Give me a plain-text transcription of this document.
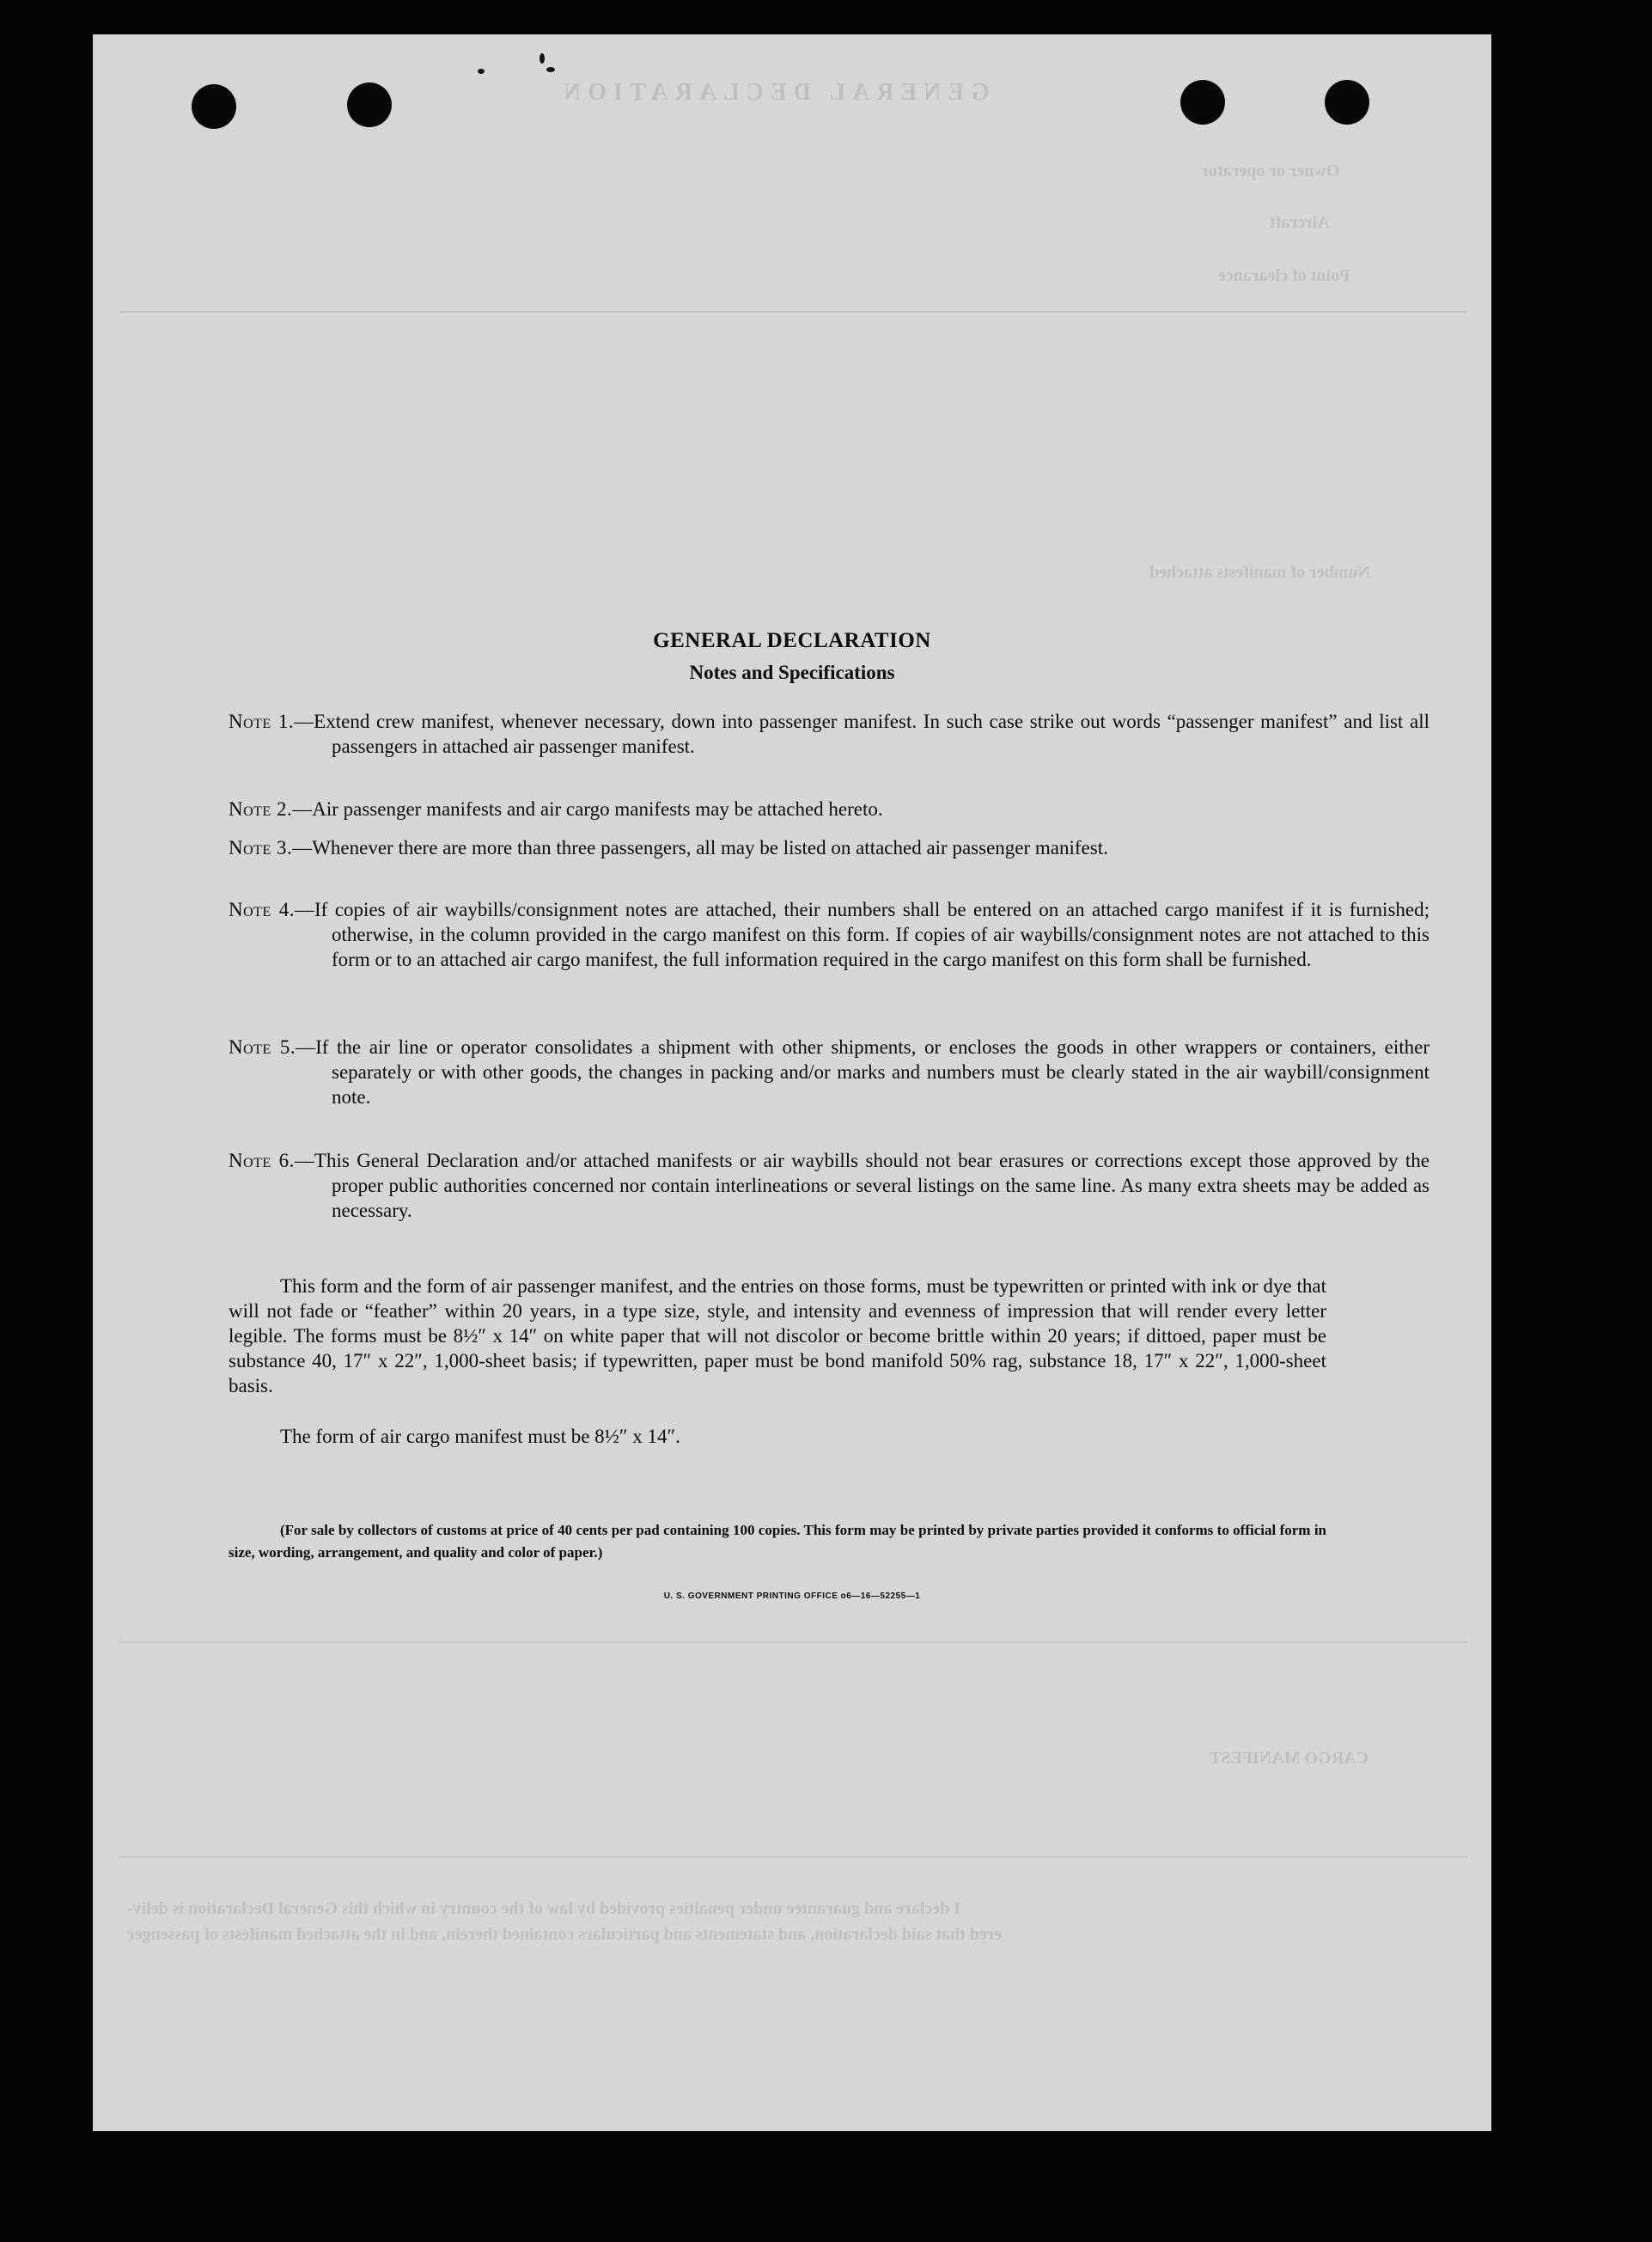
GENERAL DECLARATION
Owner or operator
Aircraft
Point of clearance
Number of manifests attached
CARGO MANIFEST
I declare and guarantee under penalties provided by law of the country in which this General Declaration is deliv-
ered that said declaration, and statements and particulars contained therein, and in the attached manifests of passenger
GENERAL DECLARATION
Notes and Specifications
Note 1.—Extend crew manifest, whenever necessary, down into passenger manifest. In such case strike out words “passenger manifest” and list all passengers in attached air passenger manifest.
Note 2.—Air passenger manifests and air cargo manifests may be attached hereto.
Note 3.—Whenever there are more than three passengers, all may be listed on attached air passenger manifest.
Note 4.—If copies of air waybills/consignment notes are attached, their numbers shall be entered on an attached cargo manifest if it is furnished; otherwise, in the column provided in the cargo manifest on this form. If copies of air waybills/consignment notes are not attached to this form or to an attached air cargo manifest, the full information required in the cargo manifest on this form shall be furnished.
Note 5.—If the air line or operator consolidates a shipment with other shipments, or encloses the goods in other wrappers or containers, either separately or with other goods, the changes in packing and/or marks and numbers must be clearly stated in the air waybill/consignment note.
Note 6.—This General Declaration and/or attached manifests or air waybills should not bear erasures or corrections except those approved by the proper public authorities concerned nor contain interlineations or several listings on the same line. As many extra sheets may be added as necessary.
This form and the form of air passenger manifest, and the entries on those forms, must be typewritten or printed with ink or dye that will not fade or “feather” within 20 years, in a type size, style, and intensity and evenness of impression that will render every letter legible. The forms must be 8½″ x 14″ on white paper that will not discolor or become brittle within 20 years; if dittoed, paper must be substance 40, 17″ x 22″, 1,000-sheet basis; if typewritten, paper must be bond manifold 50% rag, substance 18, 17″ x 22″, 1,000-sheet basis.
The form of air cargo manifest must be 8½″ x 14″.
(For sale by collectors of customs at price of 40 cents per pad containing 100 copies. This form may be printed by private parties provided it conforms to official form in size, wording, arrangement, and quality and color of paper.)
U. S. GOVERNMENT PRINTING OFFICE o6—16—52255—1
